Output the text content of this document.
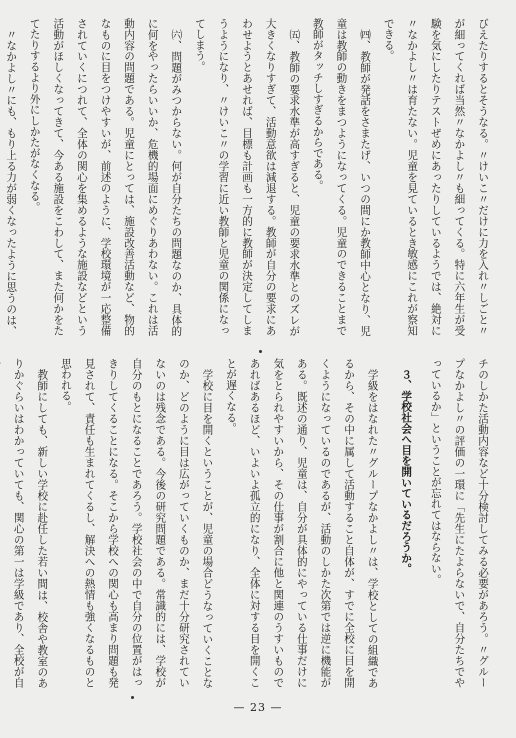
びえたりするとそうなる。〃けいこ〃だけに力を入れ〃しごと〃が細ってくれば当然〃なかよし〃も細ってくる。特に六年生が受験を気にしたりテストぜめにあったりしているようでは、絶対に〃なかよし〃は育たない。児童を見ているとき敏感にこれが察知できる。

㈣、教師が発話をさまたげ、いつの間にか教師中心となり、児童は教師の動きをまつようになってくる。児童のできることまで教師がタッチしすぎるからである。

㈤、教師の要求水準が高すぎると、児童の要求水準とのズレが大きくなりすぎて、活動意欲は減退する。教師が自分の要求にあわせようとあせれば、目標も計画も一方的に教師が決定してしまうようになり、〃けいこ〃の学習に近い教師と児童の関係になってしまう。

㈥、問題がみつからない。何が自分たちの問題なのか、具体的に何をやったらいいか、危機的場面にめぐりあわない。これは活動内容の問題である。児童にとっては、施設改善活動など、物的なものに目をつけやすいが、前述のように、学校環境が一応整備されていくにつれて、全体の関心を集めるような施設などという活動がほしくなってきて、今ある施設をこわして、また何かをたてたりするより外にしかたがなくなる。

〃なかよし〃にも、もり上る力が弱くなったように思うのは、

チのしかた活動内容など十分検討してみる必要があろう。〃グループなかよし〃の評価の一環に「先生にたよらないで、自分たちでやっているか」ということが忘れてはならない。

３、学校社会へ目を開いているだろうか。

学級をはなれた〃グループなかよし〃は、学校としての組織であるから、その中に属して活動すること自体が、すでに全校に目を開くようになっているのであるが、活動のしかた次第では逆に機能がある。既述の通り、児童は、自分が具体的にやっている仕事だけに気をとられやすいから、その仕事が割合に他と関連のうすいものであればあるほど、いよいよ孤立的になり、全体に対する目を開くことが遅くなる。

学校に目を開くということが、児童の場合どうなっていくことなのか、どのように目は広がっていくものか、まだ十分研究されていないのは残念である。今後の研究問題である。常識的には、学校が自分のもとになることであろう。学校社会の中で自分の位置がはっきりしてくることになる。そこから学校への関心も高まり問題も発見されて、責任も生まれてくるし、解決への熱情も強くなるものと思われる。

教師にしても、新しい学校に赴任した若い間は、校舎や教室のありかぐらいはわかっていても、関心の第一は学級であり、全校が自

— 23 —
